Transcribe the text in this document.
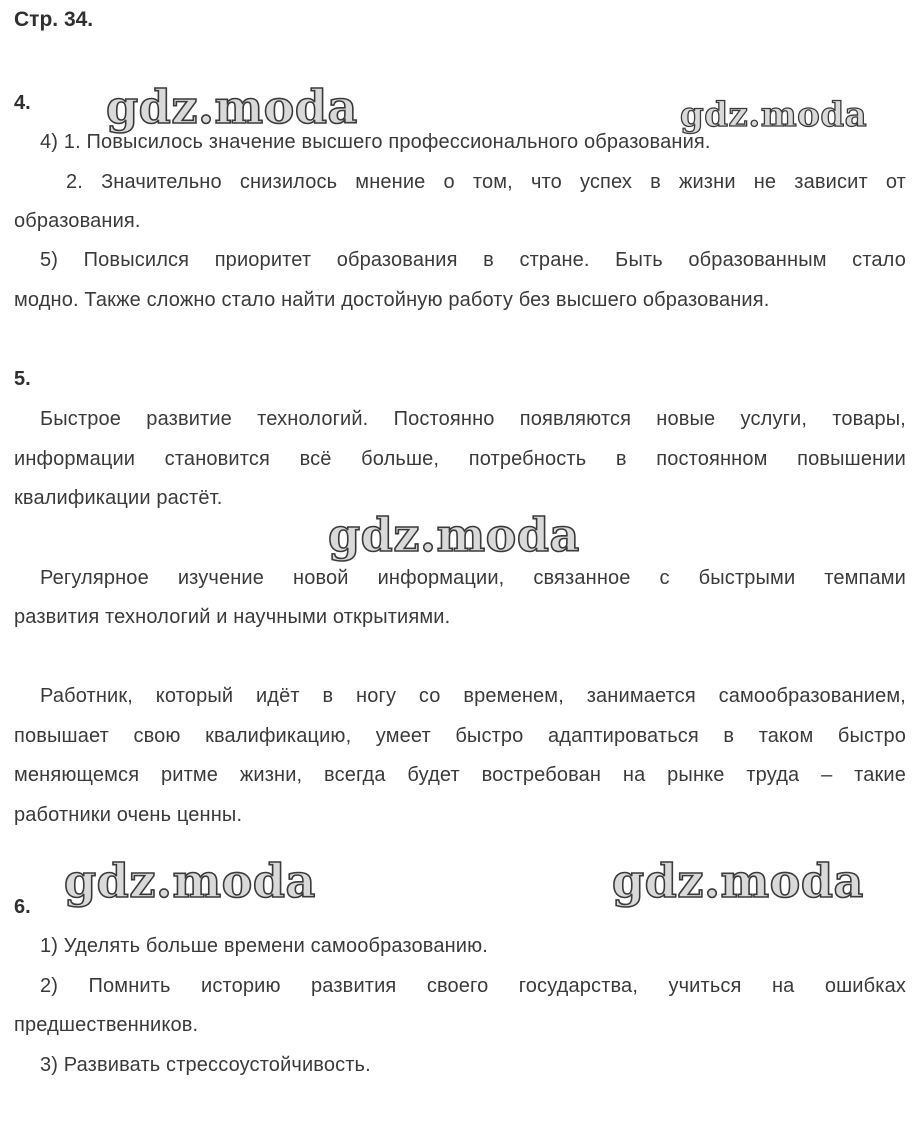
Стр. 34.
4. gdz.moda	gdz.moda
4) 1. Повысилось значение высшего профессионального образования.
2. Значительно снизилось мнение о том, что успех в жизни не зависит от
образования.
5) Повысился приоритет образования в стране. Быть образованным стало
модно. Также сложно стало найти достойную работу без высшего образования.
5.
Быстрое развитие технологий. Постоянно появляются новые услуги, товары,
информации становится всё больше, потребность в постоянном повышении
квалификации растёт.
gdz.moda
Регулярное изучение новой информации, связанное с быстрыми темпами
развития технологий и научными открытиями.
Работник, который идёт в ногу со временем, занимается самообразованием,
повышает свою квалификацию, умеет быстро адаптироваться в таком быстро
меняющемся ритме жизни, всегда будет востребован на рынке труда – такие
работники очень ценны.
gdz.moda	gdz.moda
6.
1) Уделять больше времени самообразованию.
2) Помнить историю развития своего государства, учиться на ошибках
предшественников.
3) Развивать стрессоустойчивость.
